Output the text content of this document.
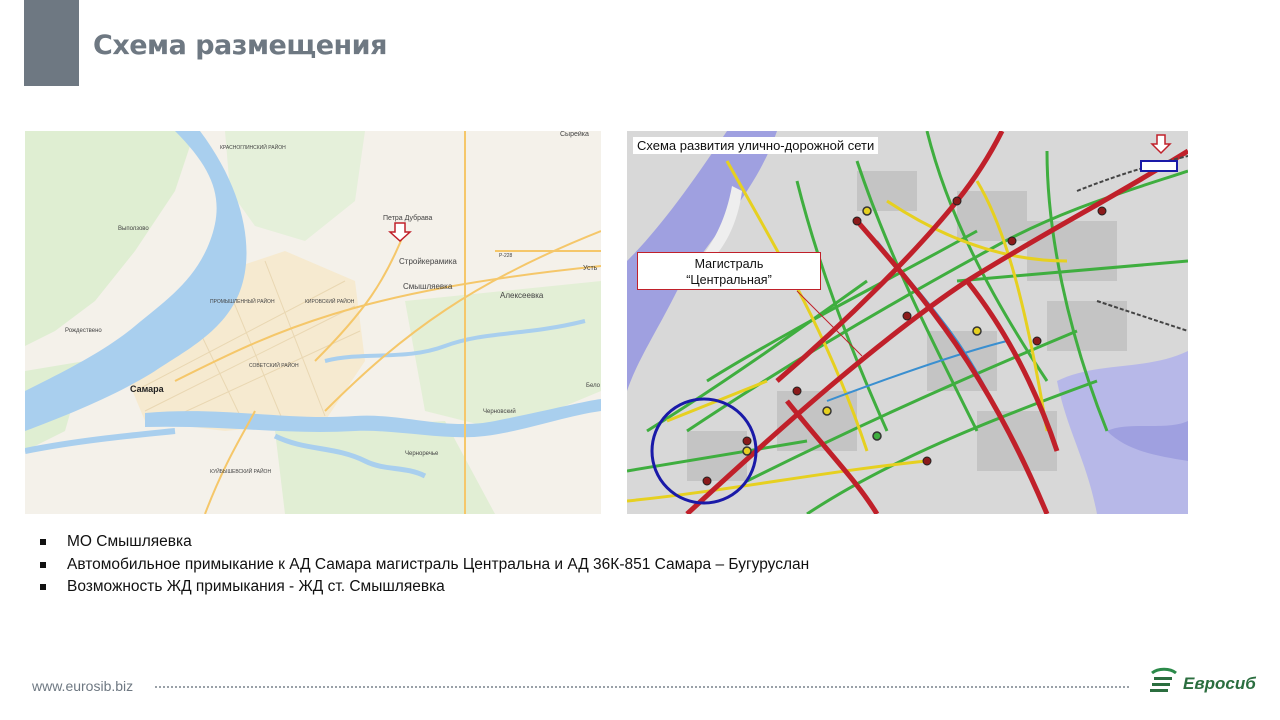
Схема размещения
Сырейка
КРАСНОГЛИНСКИЙ РАЙОН
Петра Дубрава
Стройкерамика
Смышляевка
Алексеевка
Усть
Выползово
Рождествено
Самара
ПРОМЫШЛЕННЫЙ РАЙОН	КИРОВСКИЙ РАЙОН
СОВЕТСКИЙ РАЙОН
КУЙБЫШЕВСКИЙ РАЙОН
Черновский
Черноречье
Р-228
Бело
Схема развития улично-дорожной сети
Магистраль
“Центральная”
МО Смышляевка
Автомобильное примыкание к АД Самара магистраль Центральна и АД 36К-851 Самара – Бугуруслан
Возможность ЖД примыкания - ЖД ст. Смышляевка
www.eurosib.biz	Евросиб
